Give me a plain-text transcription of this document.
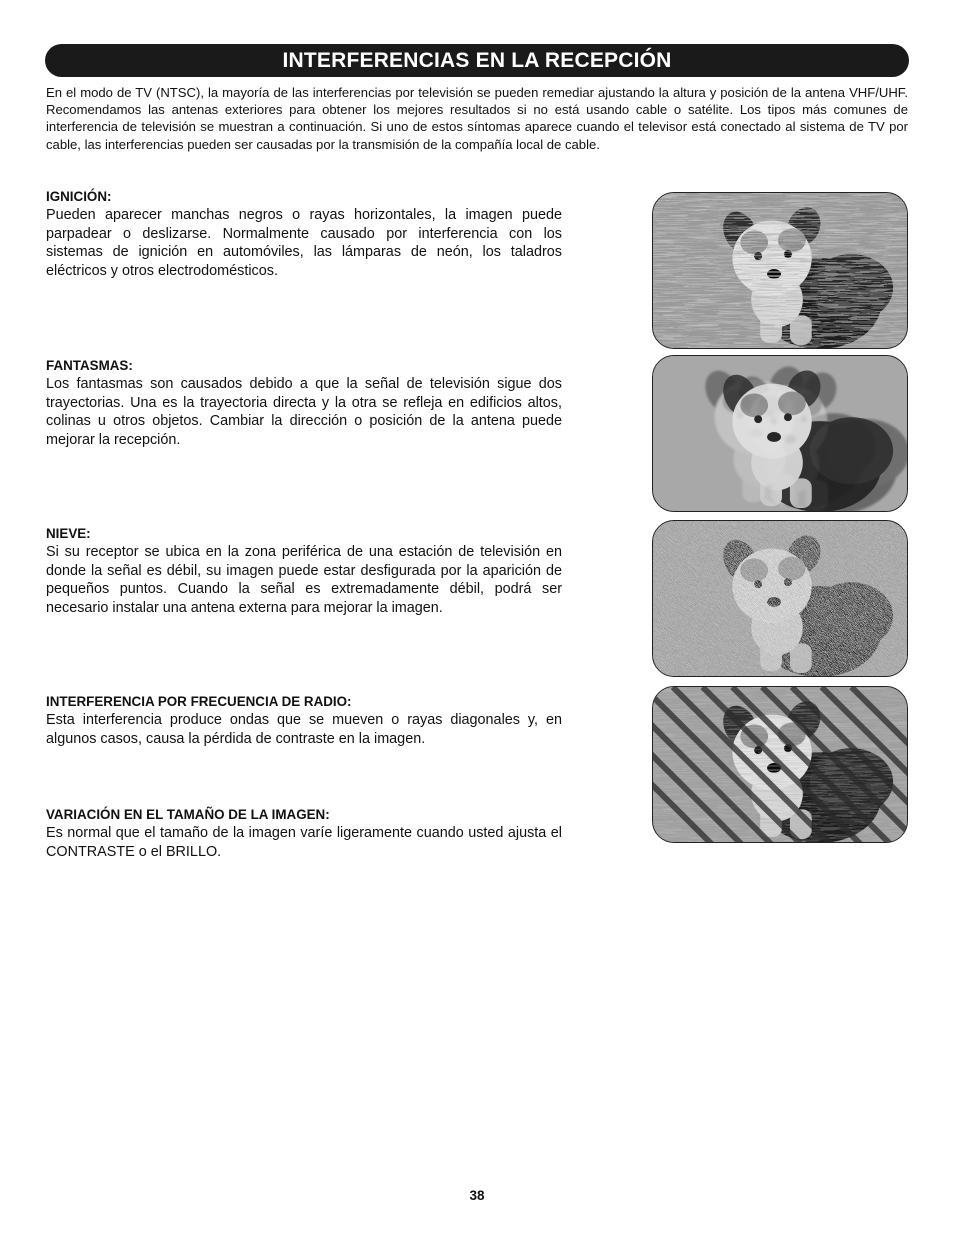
INTERFERENCIAS EN LA RECEPCIÓN

En el modo de TV (NTSC), la mayoría de las interferencias por televisión se pueden remediar ajustando la altura y posición de la antena VHF/UHF. Recomendamos las antenas exteriores para obtener los mejores resultados si no está usando cable o satélite. Los tipos más comunes de interferencia de televisión se muestran a continuación. Si uno de estos síntomas aparece cuando el televisor está conectado al sistema de TV por cable, las interferencias pueden ser causadas por la transmisión de la compañía local de cable.

IGNICIÓN:

Pueden aparecer manchas negros o rayas horizontales, la imagen puede parpadear o deslizarse. Normalmente causado por interferencia con los sistemas de ignición en automóviles, las lámparas de neón, los taladros eléctricos y otros electrodomésticos.

FANTASMAS:

Los fantasmas son causados debido a que la señal de televisión sigue dos trayectorias. Una es la trayectoria directa y la otra se refleja en edificios altos, colinas u otros objetos. Cambiar la dirección o posición de la antena puede mejorar la recepción.

NIEVE:

Si su receptor se ubica en la zona periférica de una estación de televisión en donde la señal es débil, su imagen puede estar desfigurada por la aparición de pequeños puntos. Cuando la señal es extremadamente débil, podrá ser necesario instalar una antena externa para mejorar la imagen.

INTERFERENCIA POR FRECUENCIA DE RADIO:

Esta interferencia produce ondas que se mueven o rayas diagonales y, en algunos casos, causa la pérdida de contraste en la imagen.

VARIACIÓN EN EL TAMAÑO DE LA IMAGEN:

Es normal que el tamaño de la imagen varíe ligeramente cuando usted ajusta el CONTRASTE o el BRILLO.

38
